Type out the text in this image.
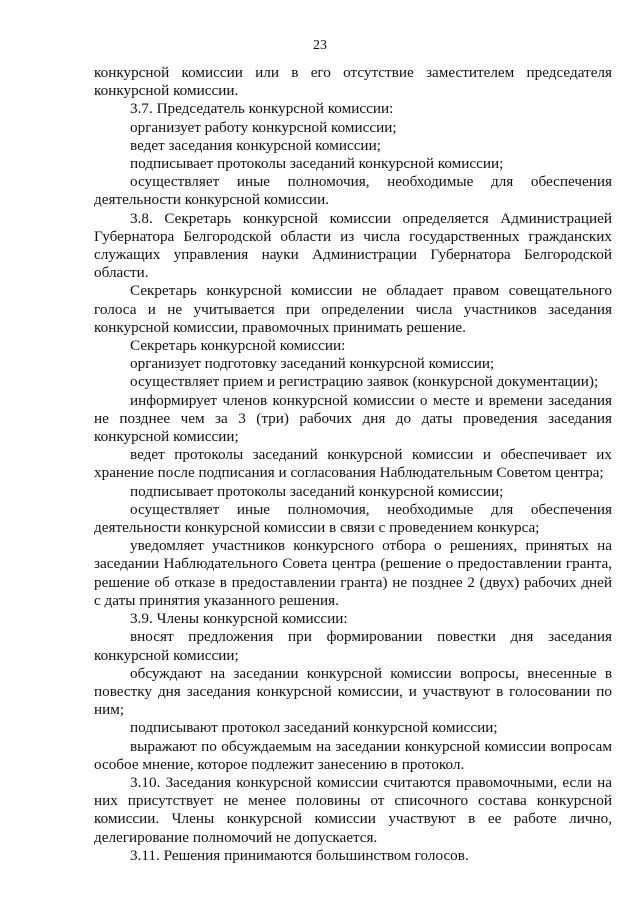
23

конкурсной комиссии или в его отсутствие заместителем председателя конкурсной комиссии.

3.7. Председатель конкурсной комиссии:

организует работу конкурсной комиссии;

ведет заседания конкурсной комиссии;

подписывает протоколы заседаний конкурсной комиссии;

осуществляет иные полномочия, необходимые для обеспечения деятельности конкурсной комиссии.

3.8. Секретарь конкурсной комиссии определяется Администрацией Губернатора Белгородской области из числа государственных гражданских служащих управления науки Администрации Губернатора Белгородской области.

Секретарь конкурсной комиссии не обладает правом совещательного голоса и не учитывается при определении числа участников заседания конкурсной комиссии, правомочных принимать решение.

Секретарь конкурсной комиссии:

организует подготовку заседаний конкурсной комиссии;

осуществляет прием и регистрацию заявок (конкурсной документации);

информирует членов конкурсной комиссии о месте и времени заседания не позднее чем за 3 (три) рабочих дня до даты проведения заседания конкурсной комиссии;

ведет протоколы заседаний конкурсной комиссии и обеспечивает их хранение после подписания и согласования Наблюдательным Советом центра;

подписывает протоколы заседаний конкурсной комиссии;

осуществляет иные полномочия, необходимые для обеспечения деятельности конкурсной комиссии в связи с проведением конкурса;

уведомляет участников конкурсного отбора о решениях, принятых на заседании Наблюдательного Совета центра (решение о предоставлении гранта, решение об отказе в предоставлении гранта) не позднее 2 (двух) рабочих дней с даты принятия указанного решения.

3.9. Члены конкурсной комиссии:

вносят предложения при формировании повестки дня заседания конкурсной комиссии;

обсуждают на заседании конкурсной комиссии вопросы, внесенные в повестку дня заседания конкурсной комиссии, и участвуют в голосовании по ним;

подписывают протокол заседаний конкурсной комиссии;

выражают по обсуждаемым на заседании конкурсной комиссии вопросам особое мнение, которое подлежит занесению в протокол.

3.10. Заседания конкурсной комиссии считаются правомочными, если на них присутствует не менее половины от списочного состава конкурсной комиссии. Члены конкурсной комиссии участвуют в ее работе лично, делегирование полномочий не допускается.

3.11. Решения принимаются большинством голосов.
